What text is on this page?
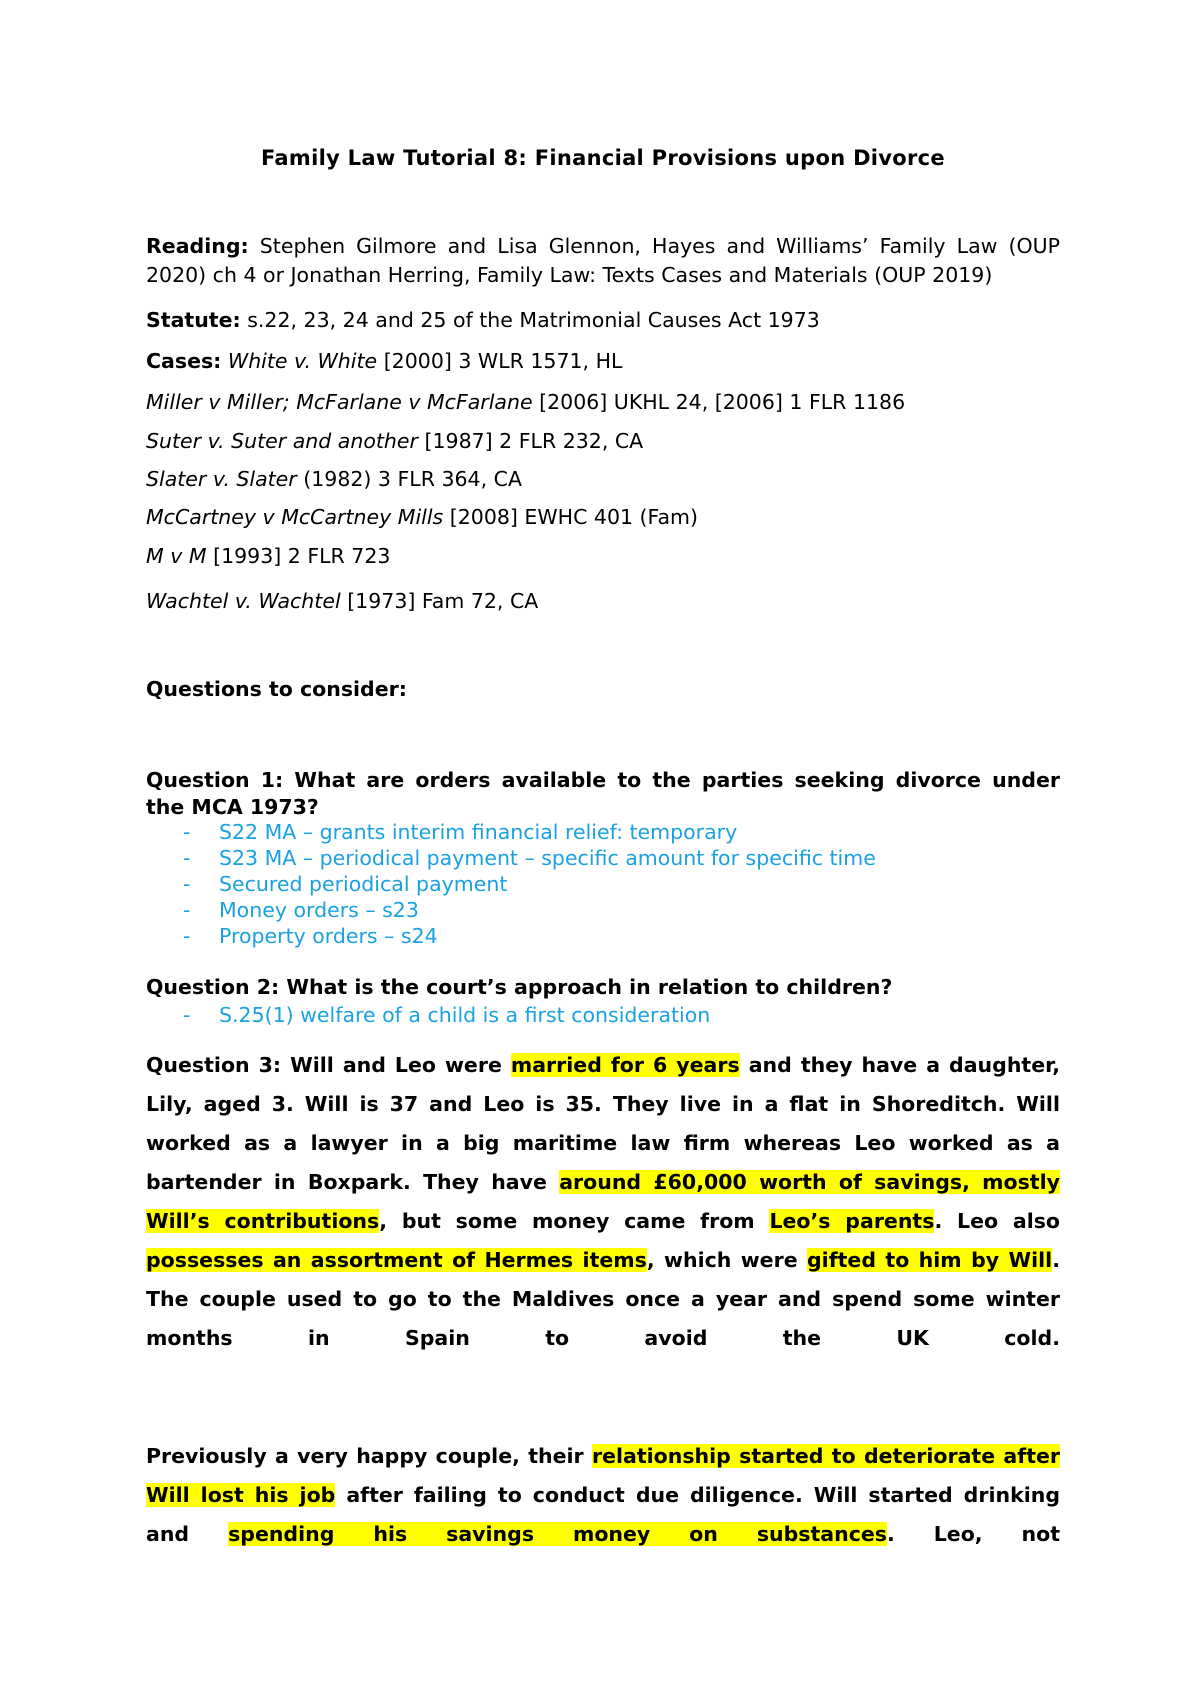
Family Law Tutorial 8: Financial Provisions upon Divorce
Reading: Stephen Gilmore and Lisa Glennon, Hayes and Williams’ Family Law (OUP 2020) ch 4 or Jonathan Herring, Family Law: Texts Cases and Materials (OUP 2019)
Statute: s.22, 23, 24 and 25 of the Matrimonial Causes Act 1973
Cases: White v. White [2000] 3 WLR 1571, HL
Miller v Miller; McFarlane v McFarlane [2006] UKHL 24, [2006] 1 FLR 1186
Suter v. Suter and another [1987] 2 FLR 232, CA
Slater v. Slater (1982) 3 FLR 364, CA
McCartney v McCartney Mills [2008] EWHC 401 (Fam)
M v M [1993] 2 FLR 723
Wachtel v. Wachtel [1973] Fam 72, CA
Questions to consider:
Question 1: What are orders available to the parties seeking divorce under the MCA 1973?
- S22 MA – grants interim financial relief: temporary
- S23 MA – periodical payment – specific amount for specific time
- Secured periodical payment
- Money orders – s23
- Property orders – s24
Question 2: What is the court’s approach in relation to children?
- S.25(1) welfare of a child is a first consideration
Question 3: Will and Leo were married for 6 years and they have a daughter, Lily, aged 3. Will is 37 and Leo is 35. They live in a flat in Shoreditch. Will worked as a lawyer in a big maritime law firm whereas Leo worked as a bartender in Boxpark. They have around £60,000 worth of savings, mostly Will’s contributions, but some money came from Leo’s parents. Leo also possesses an assortment of Hermes items, which were gifted to him by Will. The couple used to go to the Maldives once a year and spend some winter months in Spain to avoid the UK cold.
Previously a very happy couple, their relationship started to deteriorate after Will lost his job after failing to conduct due diligence. Will started drinking and spending his savings money on substances. Leo, not
